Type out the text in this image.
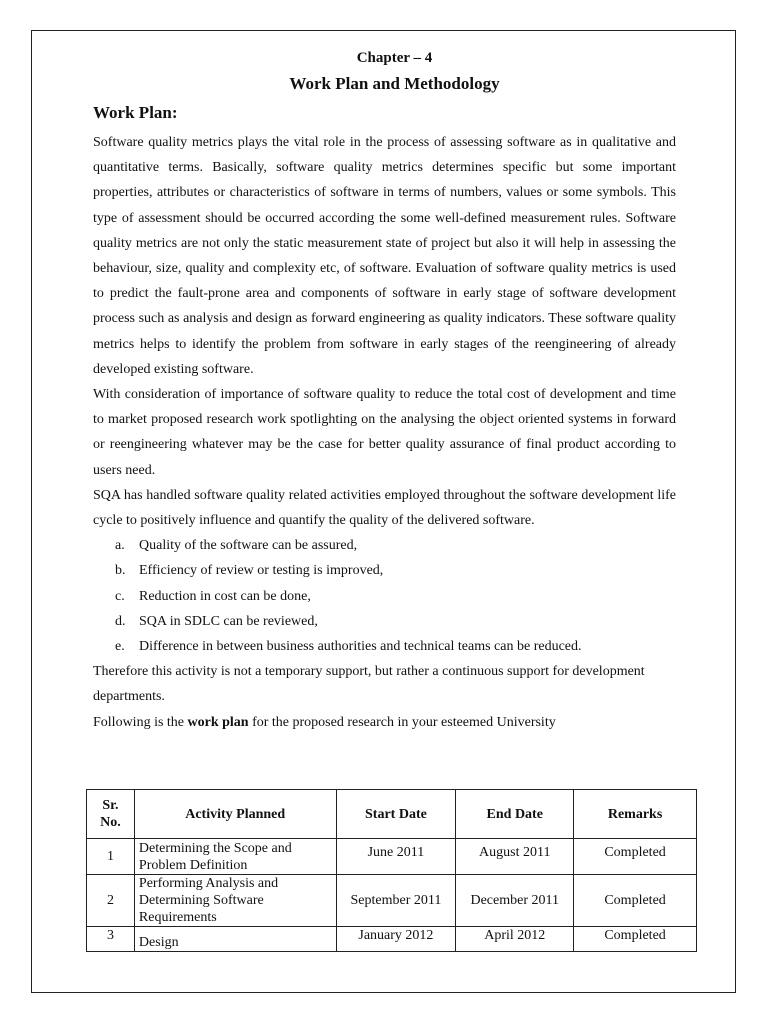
Chapter – 4
Work Plan and Methodology
Work Plan:

Software quality metrics plays the vital role in the process of assessing software as in qualitative and quantitative terms. Basically, software quality metrics determines specific but some important properties, attributes or characteristics of software in terms of numbers, values or some symbols. This type of assessment should be occurred according the some well-defined measurement rules. Software quality metrics are not only the static measurement state of project but also it will help in assessing the behaviour, size, quality and complexity etc, of software. Evaluation of software quality metrics is used to predict the fault-prone area and components of software in early stage of software development process such as analysis and design as forward engineering as quality indicators. These software quality metrics helps to identify the problem from software in early stages of the reengineering of already developed existing software.

With consideration of importance of software quality to reduce the total cost of development and time to market proposed research work spotlighting on the analysing the object oriented systems in forward or reengineering whatever may be the case for better quality assurance of final product according to users need.

SQA has handled software quality related activities employed throughout the software development life cycle to positively influence and quantify the quality of the delivered software.

a.	Quality of the software can be assured,
b. Efficiency of review or testing is improved,
c.	Reduction in cost can be done,
d. SQA in SDLC can be reviewed,
e.	Difference in between business authorities and technical teams can be reduced.

Therefore this activity is not a temporary support, but rather a continuous support for development departments.

Following is the work plan for the proposed research in your esteemed University

Sr.
No.	Activity Planned	Start Date	End Date	Remarks
1	Determining the Scope and
Problem Definition	June 2011	August 2011	Completed
2	Performing Analysis and
Determining Software
Requirements	September 2011	December 2011	Completed
3	Design	January 2012	April 2012	Completed
